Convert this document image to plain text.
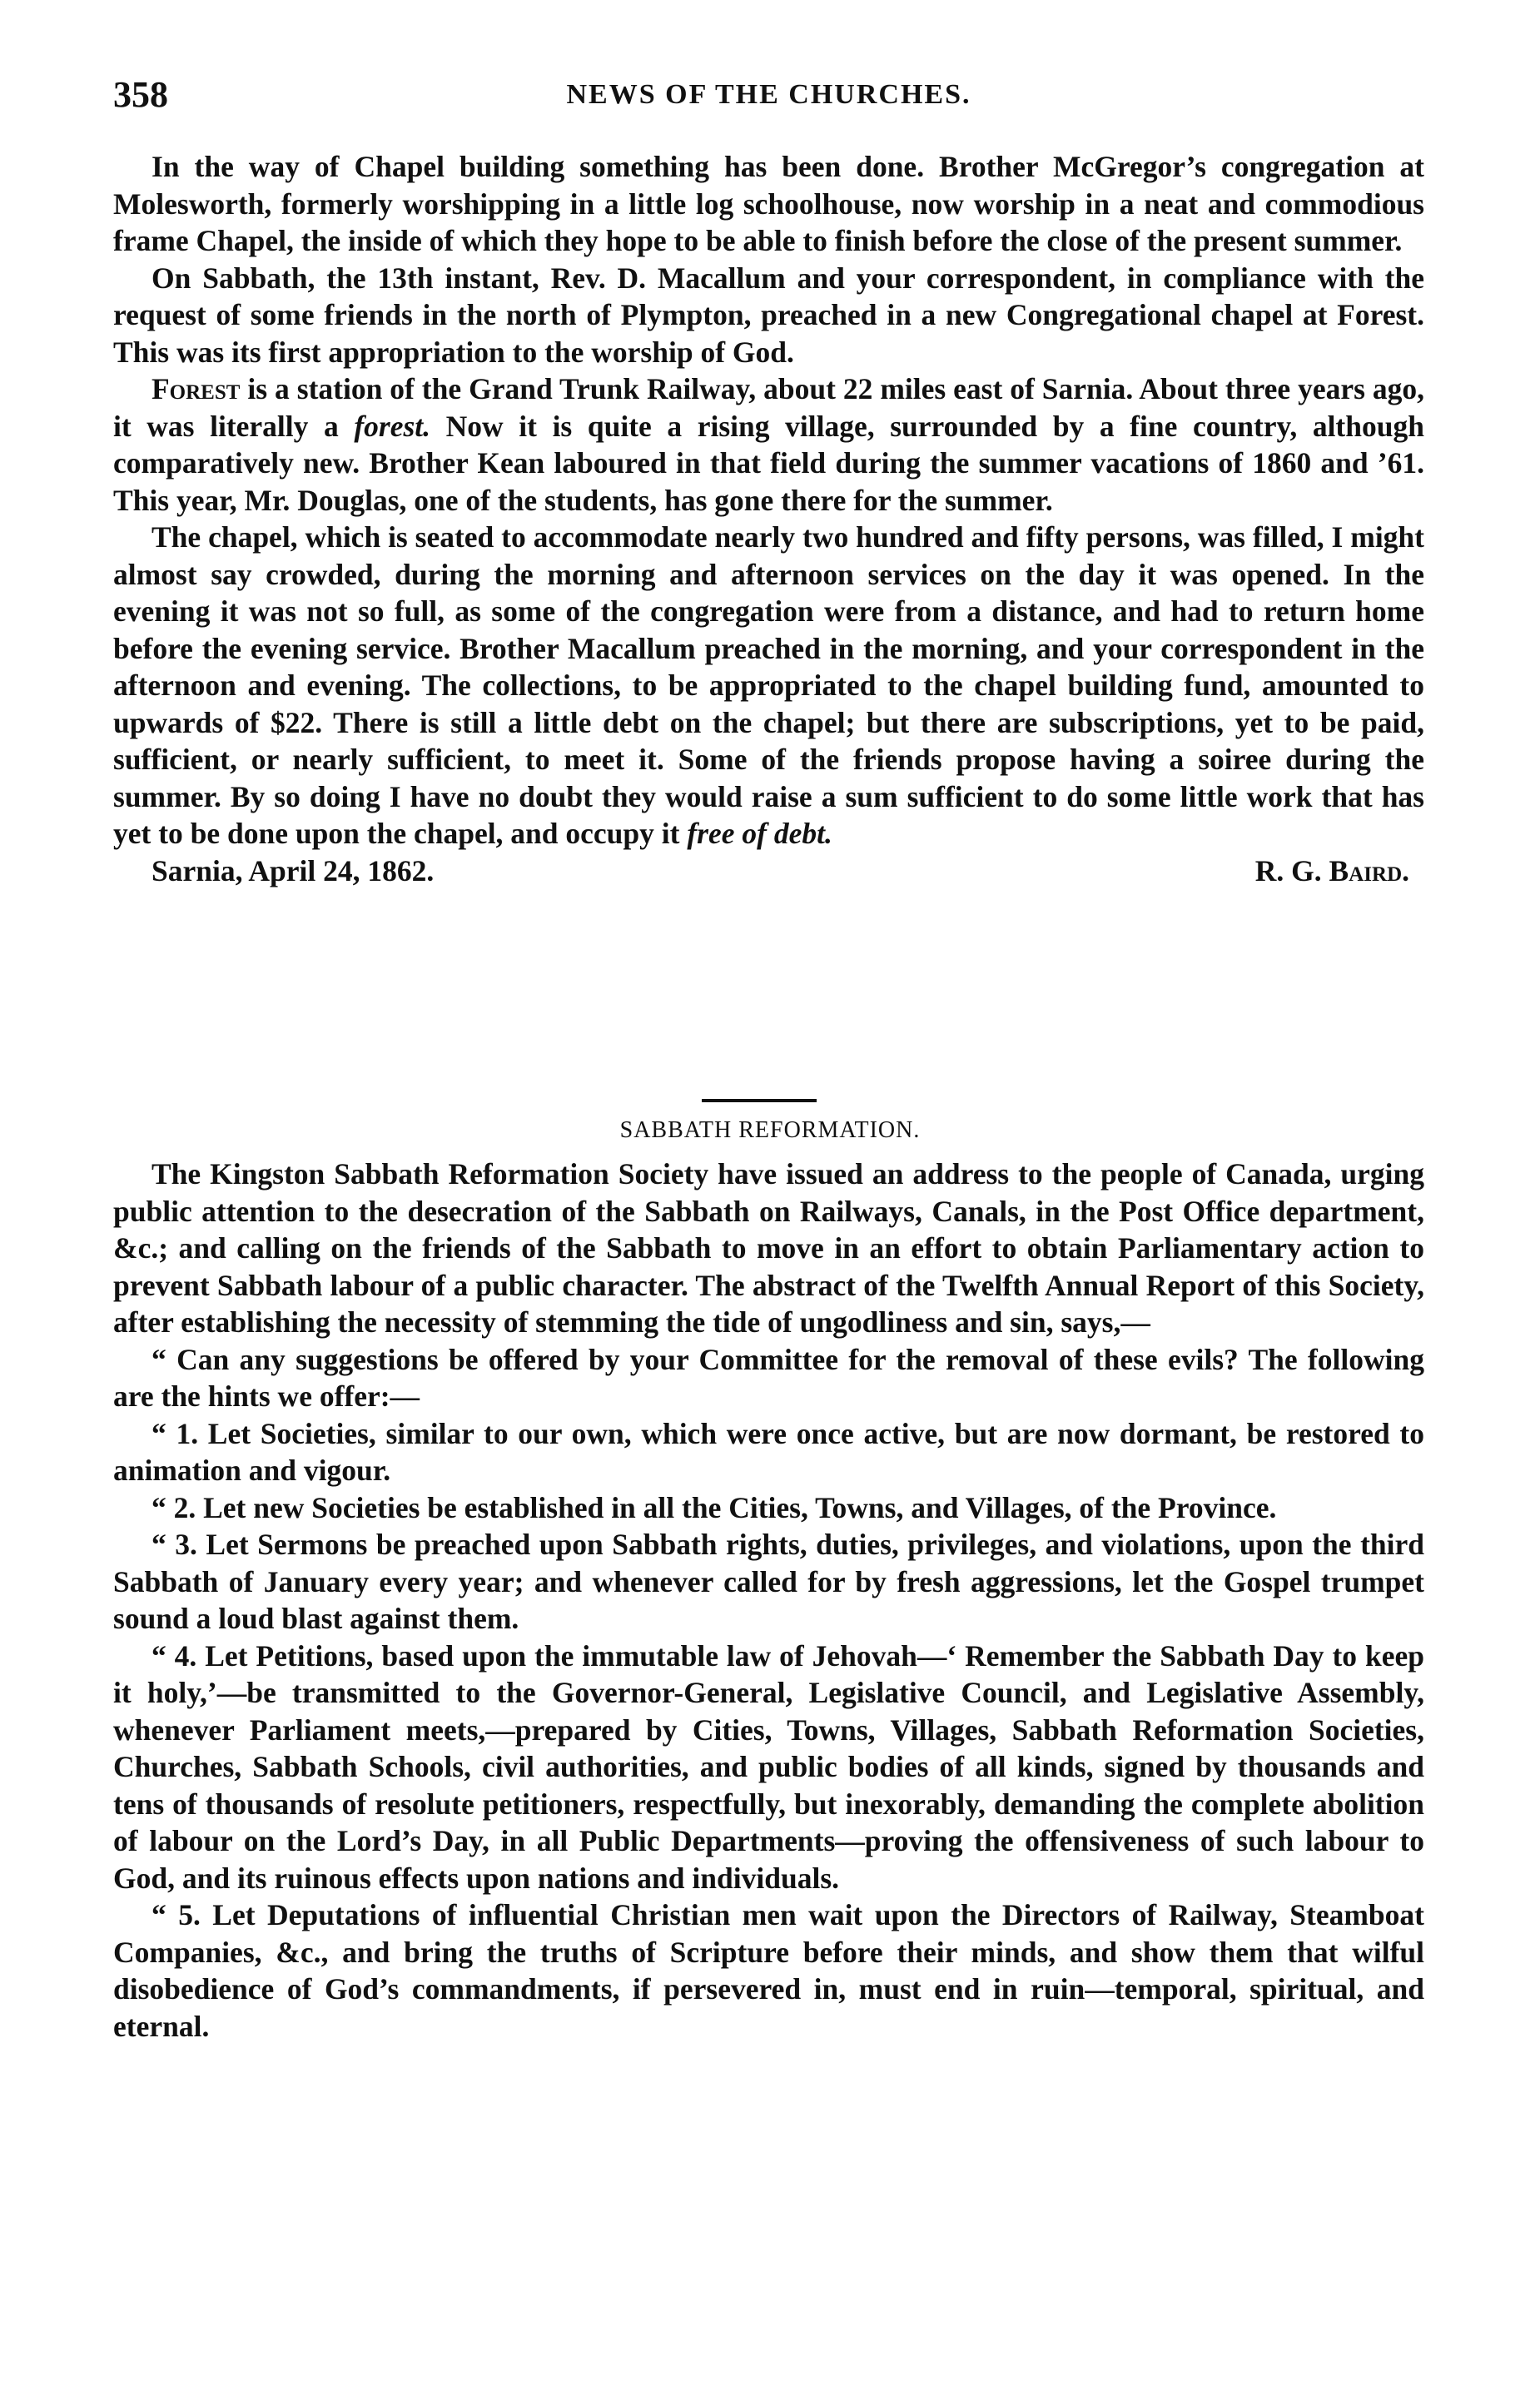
358	NEWS OF THE CHURCHES.

In the way of Chapel building something has been done. Brother McGregor’s congregation at Molesworth, formerly worshipping in a little log schoolhouse, now worship in a neat and commodious frame Chapel, the inside of which they hope to be able to finish before the close of the present summer.

On Sabbath, the 13th instant, Rev. D. Macallum and your correspondent, in compliance with the request of some friends in the north of Plympton, preached in a new Congregational chapel at Forest. This was its first appropriation to the worship of God.

Forest is a station of the Grand Trunk Railway, about 22 miles east of Sarnia. About three years ago, it was literally a forest. Now it is quite a rising village, surrounded by a fine country, although comparatively new. Brother Kean laboured in that field during the summer vacations of 1860 and ’61. This year, Mr. Douglas, one of the students, has gone there for the summer.

The chapel, which is seated to accommodate nearly two hundred and fifty persons, was filled, I might almost say crowded, during the morning and afternoon services on the day it was opened. In the evening it was not so full, as some of the congregation were from a distance, and had to return home before the evening service. Brother Macallum preached in the morning, and your correspondent in the afternoon and evening. The collections, to be appropriated to the chapel building fund, amounted to upwards of $22. There is still a little debt on the chapel; but there are subscriptions, yet to be paid, sufficient, or nearly sufficient, to meet it. Some of the friends propose having a soiree during the summer. By so doing I have no doubt they would raise a sum sufficient to do some little work that has yet to be done upon the chapel, and occupy it free of debt.

Sarnia, April 24, 1862.	R. G. Baird.
SABBATH REFORMATION.

The Kingston Sabbath Reformation Society have issued an address to the people of Canada, urging public attention to the desecration of the Sabbath on Railways, Canals, in the Post Office department, &c.; and calling on the friends of the Sabbath to move in an effort to obtain Parliamentary action to prevent Sabbath labour of a public character. The abstract of the Twelfth Annual Report of this Society, after establishing the necessity of stemming the tide of ungodliness and sin, says,—

“ Can any suggestions be offered by your Committee for the removal of these evils? The following are the hints we offer:—

“ 1. Let Societies, similar to our own, which were once active, but are now dormant, be restored to animation and vigour.

“ 2. Let new Societies be established in all the Cities, Towns, and Villages, of the Province.

“ 3. Let Sermons be preached upon Sabbath rights, duties, privileges, and violations, upon the third Sabbath of January every year; and whenever called for by fresh aggressions, let the Gospel trumpet sound a loud blast against them.

“ 4. Let Petitions, based upon the immutable law of Jehovah—‘ Remember the Sabbath Day to keep it holy,’—be transmitted to the Governor-General, Legislative Council, and Legislative Assembly, whenever Parliament meets,—prepared by Cities, Towns, Villages, Sabbath Reformation Societies, Churches, Sabbath Schools, civil authorities, and public bodies of all kinds, signed by thousands and tens of thousands of resolute petitioners, respectfully, but inexorably, demanding the complete abolition of labour on the Lord’s Day, in all Public Departments—proving the offensiveness of such labour to God, and its ruinous effects upon nations and individuals.

“ 5. Let Deputations of influential Christian men wait upon the Directors of Railway, Steamboat Companies, &c., and bring the truths of Scripture before their minds, and show them that wilful disobedience of God’s commandments, if persevered in, must end in ruin—temporal, spiritual, and eternal.
